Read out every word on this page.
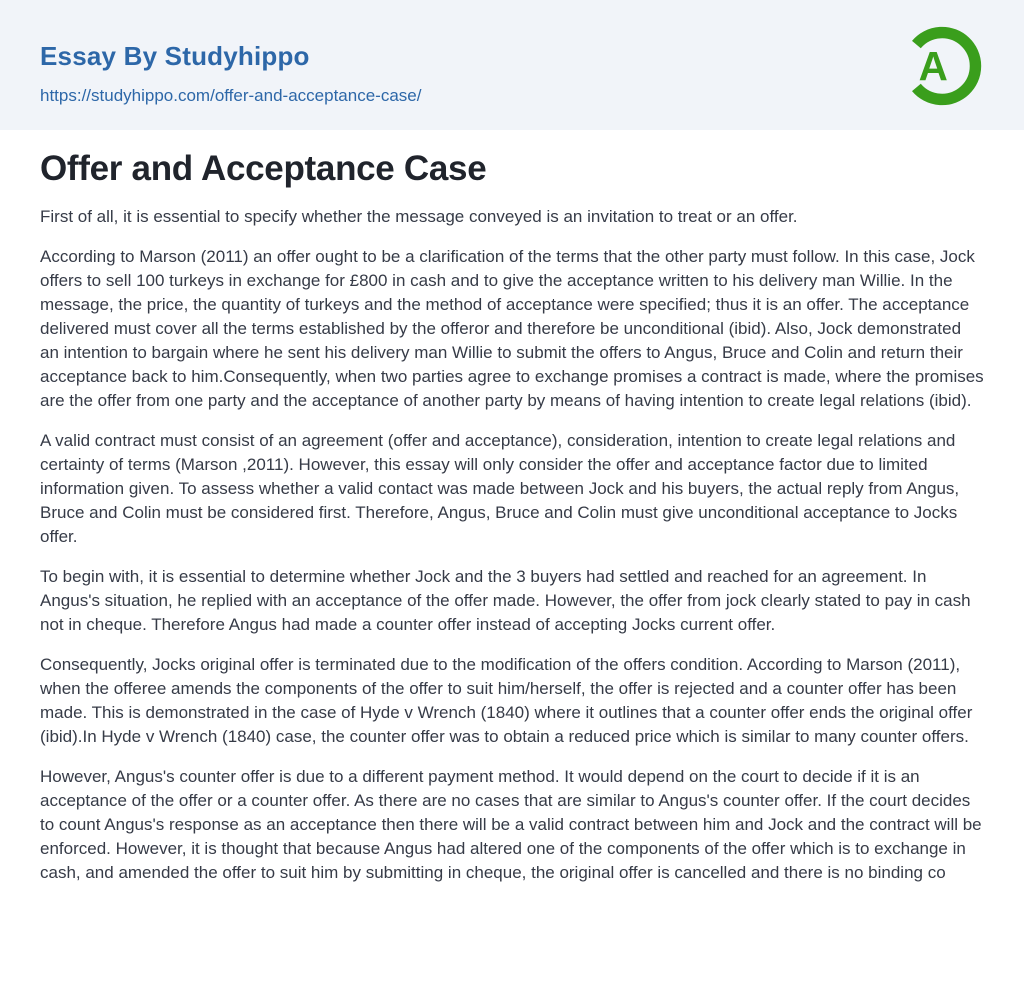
Essay By Studyhippo
https://studyhippo.com/offer-and-acceptance-case/
A
Offer and Acceptance Case

First of all, it is essential to specify whether the message conveyed is an invitation to treat or an offer.

According to Marson (2011) an offer ought to be a clarification of the terms that the other party must follow. In this case, Jock offers to sell 100 turkeys in exchange for £800 in cash and to give the acceptance written to his delivery man Willie. In the message, the price, the quantity of turkeys and the method of acceptance were specified; thus it is an offer. The acceptance delivered must cover all the terms established by the offeror and therefore be unconditional (ibid). Also, Jock demonstrated an intention to bargain where he sent his delivery man Willie to submit the offers to Angus, Bruce and Colin and return their acceptance back to him.Consequently, when two parties agree to exchange promises a contract is made, where the promises are the offer from one party and the acceptance of another party by means of having intention to create legal relations (ibid).

A valid contract must consist of an agreement (offer and acceptance), consideration, intention to create legal relations and certainty of terms (Marson ,2011). However, this essay will only consider the offer and acceptance factor due to limited information given. To assess whether a valid contact was made between Jock and his buyers, the actual reply from Angus, Bruce and Colin must be considered first. Therefore, Angus, Bruce and Colin must give unconditional acceptance to Jocks offer.

To begin with, it is essential to determine whether Jock and the 3 buyers had settled and reached for an agreement. In Angus's situation, he replied with an acceptance of the offer made. However, the offer from jock clearly stated to pay in cash not in cheque. Therefore Angus had made a counter offer instead of accepting Jocks current offer.

Consequently, Jocks original offer is terminated due to the modification of the offers condition. According to Marson (2011), when the offeree amends the components of the offer to suit him/herself, the offer is rejected and a counter offer has been made. This is demonstrated in the case of Hyde v Wrench (1840) where it outlines that a counter offer ends the original offer (ibid).In Hyde v Wrench (1840) case, the counter offer was to obtain a reduced price which is similar to many counter offers.

However, Angus's counter offer is due to a different payment method. It would depend on the court to decide if it is an acceptance of the offer or a counter offer. As there are no cases that are similar to Angus's counter offer. If the court decides to count Angus's response as an acceptance then there will be a valid contract between him and Jock and the contract will be enforced. However, it is thought that because Angus had altered one of the components of the offer which is to exchange in cash, and amended the offer to suit him by submitting in cheque, the original offer is cancelled and there is no binding co
